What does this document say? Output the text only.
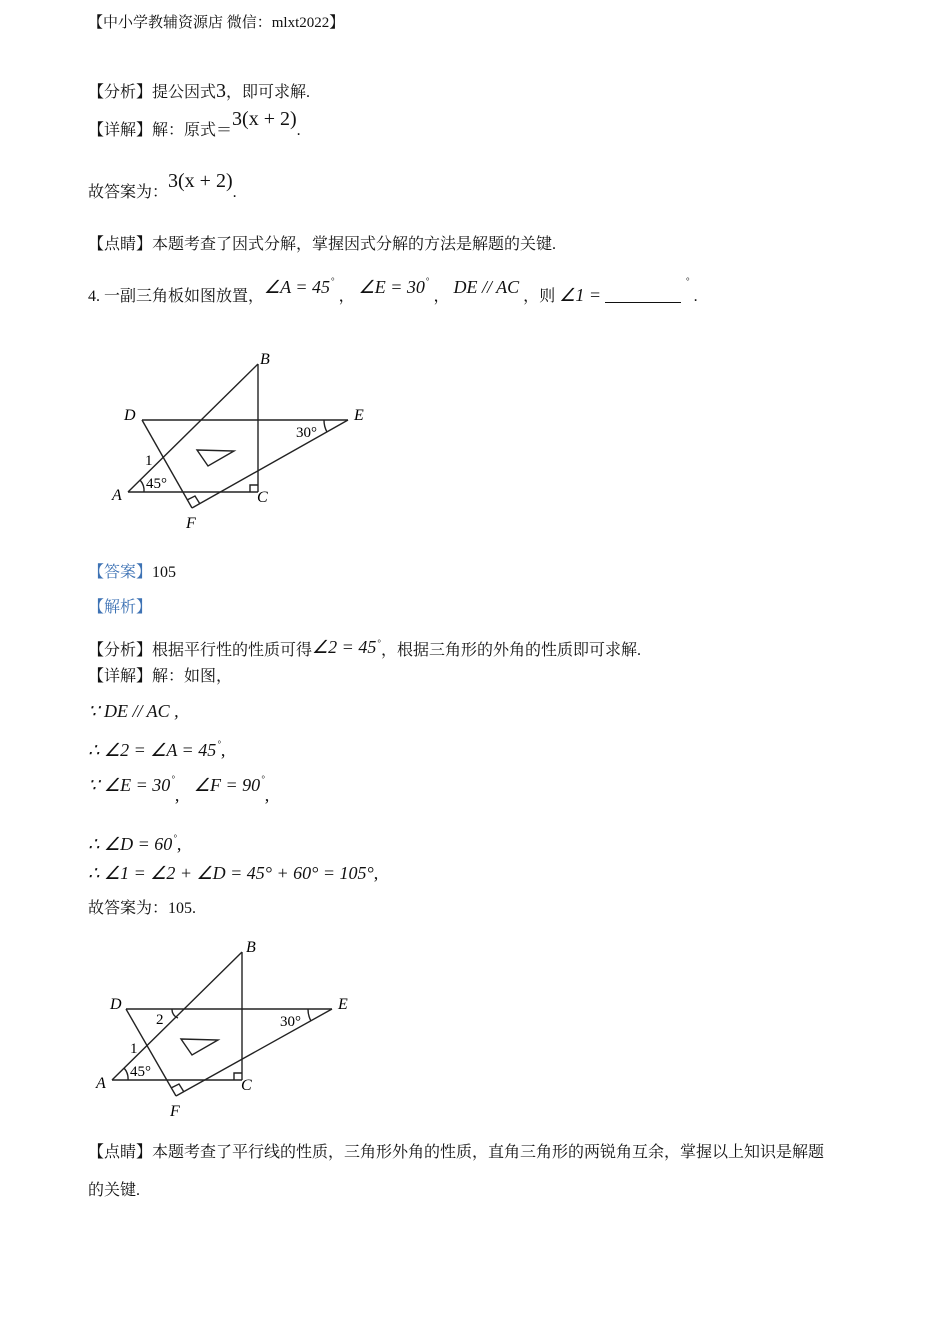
【中小学教辅资源店 微信：mlxt2022】
【分析】提公因式3，即可求解.
【详解】解：原式＝3(x + 2).
故答案为：3(x + 2).
【点睛】本题考查了因式分解，掌握因式分解的方法是解题的关键.
4. 一副三角板如图放置，∠A = 45° ， ∠E = 30° ， DE // AC ，则 ∠1 =° .
B
D	E
A	C
F
1
45°
30°
【答案】105
【解析】
【分析】根据平行性的性质可得∠2 = 45°，根据三角形的外角的性质即可求解.
【详解】解：如图，
∵ DE // AC ,
∴ ∠2 = ∠A = 45°,
∵ ∠E = 30°, ∠F = 90°,
∴ ∠D = 60°,
∴ ∠1 = ∠2 + ∠D = 45° + 60° = 105°,
故答案为：105.
B
D	E
A	C
F
1
2
45°
30°
【点睛】本题考查了平行线的性质，三角形外角的性质，直角三角形的两锐角互余，掌握以上知识是解题
的关键.
